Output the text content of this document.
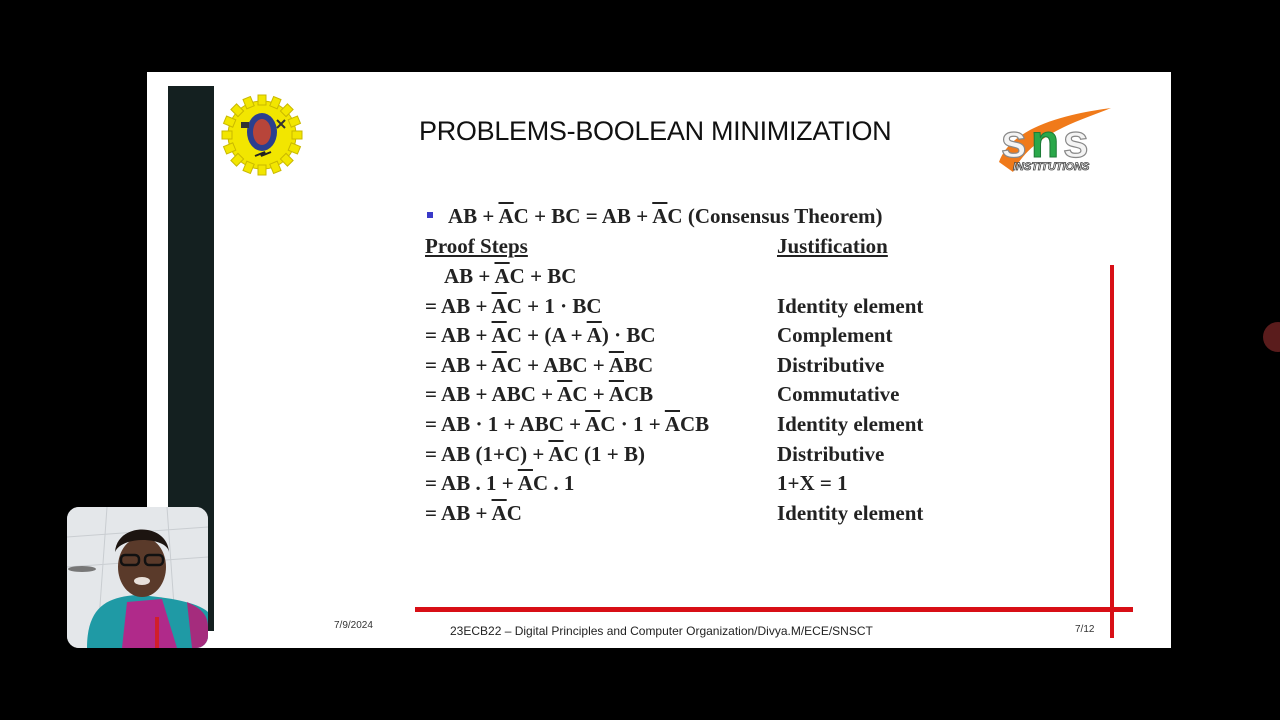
s n s
INSTITUTIONS
PROBLEMS-BOOLEAN MINIMIZATION
AB + $\overline{A}C$ + BC = AB + $\overline{A}C$ (Consensus Theorem)
Proof Steps	Justification
AB + $\overline{A}C$ + BC
= AB + $\overline{A}C + 1$ · BC	Identity element
= AB + $\overline{A}C + (A + \overline{A})$ · BC	Complement
= AB + $\overline{A}C$ + ABC + $\overline{A}BC$	Distributive
= AB + ABC + $\overline{A}C + \overline{A}CB$	Commutative
= AB · 1 + ABC + $\overline{A}C \cdot 1 + \overline{A}CB$	Identity element
= AB $(1+C) + \overline{A}C$ (1 + B)	Distributive
= AB . $1 + \overline{A}C$ . 1	1+X = 1
= AB + $\overline{A}C$	Identity element
7/9/2024	23ECB22 – Digital Principles and Computer Organization/Divya.M/ECE/SNSCT	7/12
